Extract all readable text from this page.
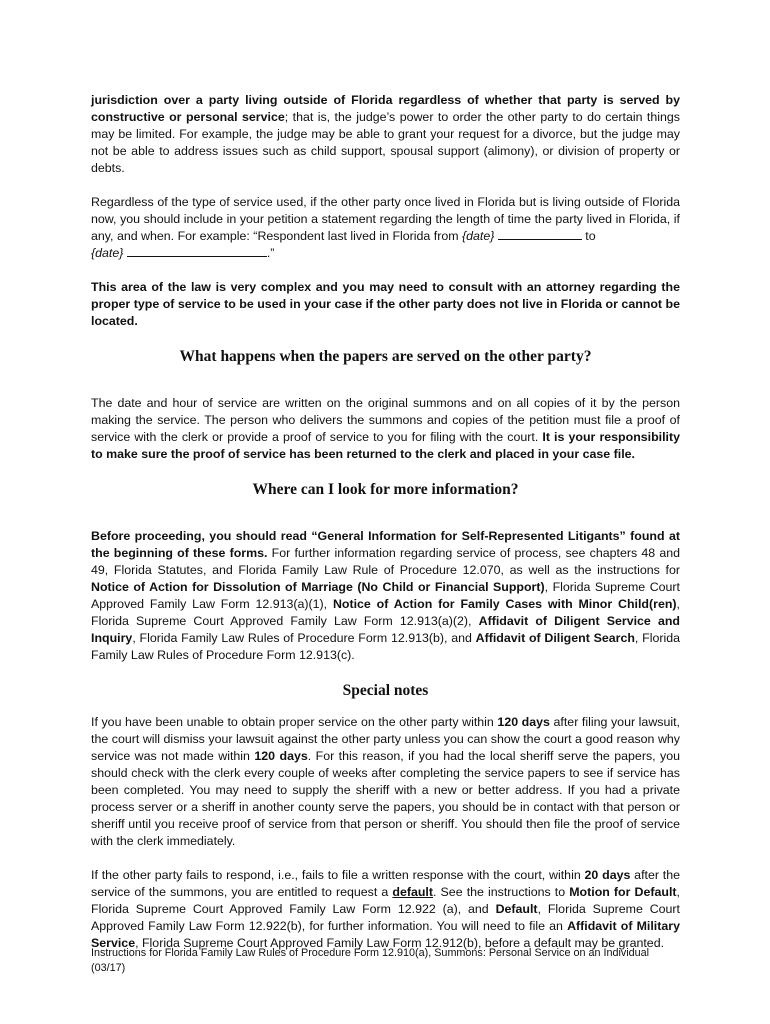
jurisdiction over a party living outside of Florida regardless of whether that party is served by constructive or personal service; that is, the judge’s power to order the other party to do certain things may be limited. For example, the judge may be able to grant your request for a divorce, but the judge may not be able to address issues such as child support, spousal support (alimony), or division of property or debts.

Regardless of the type of service used, if the other party once lived in Florida but is living outside of Florida now, you should include in your petition a statement regarding the length of time the party lived in Florida, if any, and when. For example: “Respondent last lived in Florida from {date}	to
{date}	.”

This area of the law is very complex and you may need to consult with an attorney regarding the proper type of service to be used in your case if the other party does not live in Florida or cannot be located.

What happens when the papers are served on the other party?

The date and hour of service are written on the original summons and on all copies of it by the person making the service. The person who delivers the summons and copies of the petition must file a proof of service with the clerk or provide a proof of service to you for filing with the court. It is your responsibility to make sure the proof of service has been returned to the clerk and placed in your case file.

Where can I look for more information?

Before proceeding, you should read “General Information for Self-Represented Litigants” found at the beginning of these forms. For further information regarding service of process, see chapters 48 and 49, Florida Statutes, and Florida Family Law Rule of Procedure 12.070, as well as the instructions for Notice of Action for Dissolution of Marriage (No Child or Financial Support), Florida Supreme Court Approved Family Law Form 12.913(a)(1), Notice of Action for Family Cases with Minor Child(ren), Florida Supreme Court Approved Family Law Form 12.913(a)(2), Affidavit of Diligent Service and Inquiry, Florida Family Law Rules of Procedure Form 12.913(b), and Affidavit of Diligent Search, Florida Family Law Rules of Procedure Form 12.913(c).

Special notes

If you have been unable to obtain proper service on the other party within 120 days after filing your lawsuit, the court will dismiss your lawsuit against the other party unless you can show the court a good reason why service was not made within 120 days. For this reason, if you had the local sheriff serve the papers, you should check with the clerk every couple of weeks after completing the service papers to see if service has been completed. You may need to supply the sheriff with a new or better address. If you had a private process server or a sheriff in another county serve the papers, you should be in contact with that person or sheriff until you receive proof of service from that person or sheriff. You should then file the proof of service with the clerk immediately.

If the other party fails to respond, i.e., fails to file a written response with the court, within 20 days after the service of the summons, you are entitled to request a default. See the instructions to Motion for Default, Florida Supreme Court Approved Family Law Form 12.922 (a), and Default, Florida Supreme Court Approved Family Law Form 12.922(b), for further information. You will need to file an Affidavit of Military Service, Florida Supreme Court Approved Family Law Form 12.912(b), before a default may be granted.

Instructions for Florida Family Law Rules of Procedure Form 12.910(a), Summons: Personal Service on an Individual (03/17)
